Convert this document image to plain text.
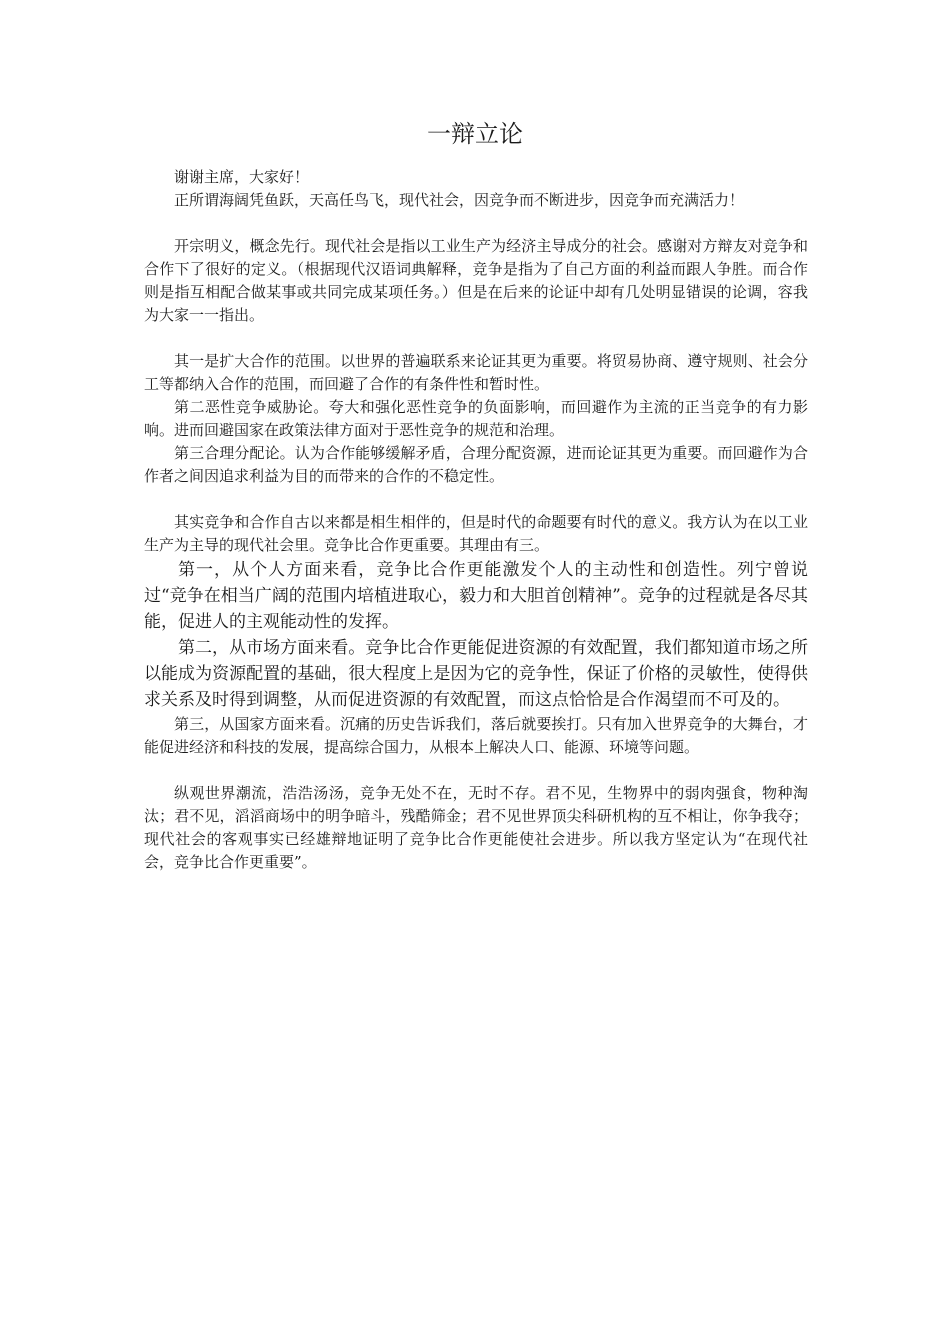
一辩立论

谢谢主席，大家好！

正所谓海阔凭鱼跃，天高任鸟飞，现代社会，因竞争而不断进步，因竞争而充满活力！

开宗明义，概念先行。现代社会是指以工业生产为经济主导成分的社会。感谢对方辩友对竞争和合作下了很好的定义。（根据现代汉语词典解释，竞争是指为了自己方面的利益而跟人争胜。而合作则是指互相配合做某事或共同完成某项任务。）但是在后来的论证中却有几处明显错误的论调，容我为大家一一指出。

其一是扩大合作的范围。以世界的普遍联系来论证其更为重要。将贸易协商、遵守规则、社会分工等都纳入合作的范围，而回避了合作的有条件性和暂时性。

第二恶性竞争威胁论。夸大和强化恶性竞争的负面影响，而回避作为主流的正当竞争的有力影响。进而回避国家在政策法律方面对于恶性竞争的规范和治理。

第三合理分配论。认为合作能够缓解矛盾，合理分配资源，进而论证其更为重要。而回避作为合作者之间因追求利益为目的而带来的合作的不稳定性。

其实竞争和合作自古以来都是相生相伴的，但是时代的命题要有时代的意义。我方认为在以工业生产为主导的现代社会里。竞争比合作更重要。其理由有三。

第一，从个人方面来看，竞争比合作更能激发个人的主动性和创造性。列宁曾说过“竞争在相当广阔的范围内培植进取心，毅力和大胆首创精神”。竞争的过程就是各尽其能，促进人的主观能动性的发挥。

第二，从市场方面来看。竞争比合作更能促进资源的有效配置，我们都知道市场之所以能成为资源配置的基础，很大程度上是因为它的竞争性，保证了价格的灵敏性，使得供求关系及时得到调整，从而促进资源的有效配置，而这点恰恰是合作渴望而不可及的。

第三，从国家方面来看。沉痛的历史告诉我们，落后就要挨打。只有加入世界竞争的大舞台，才能促进经济和科技的发展，提高综合国力，从根本上解决人口、能源、环境等问题。

纵观世界潮流，浩浩汤汤，竞争无处不在，无时不存。君不见，生物界中的弱肉强食，物种淘汰；君不见，滔滔商场中的明争暗斗，残酷筛金；君不见世界顶尖科研机构的互不相让，你争我夺；现代社会的客观事实已经雄辩地证明了竞争比合作更能使社会进步。所以我方坚定认为“在现代社会，竞争比合作更重要”。
